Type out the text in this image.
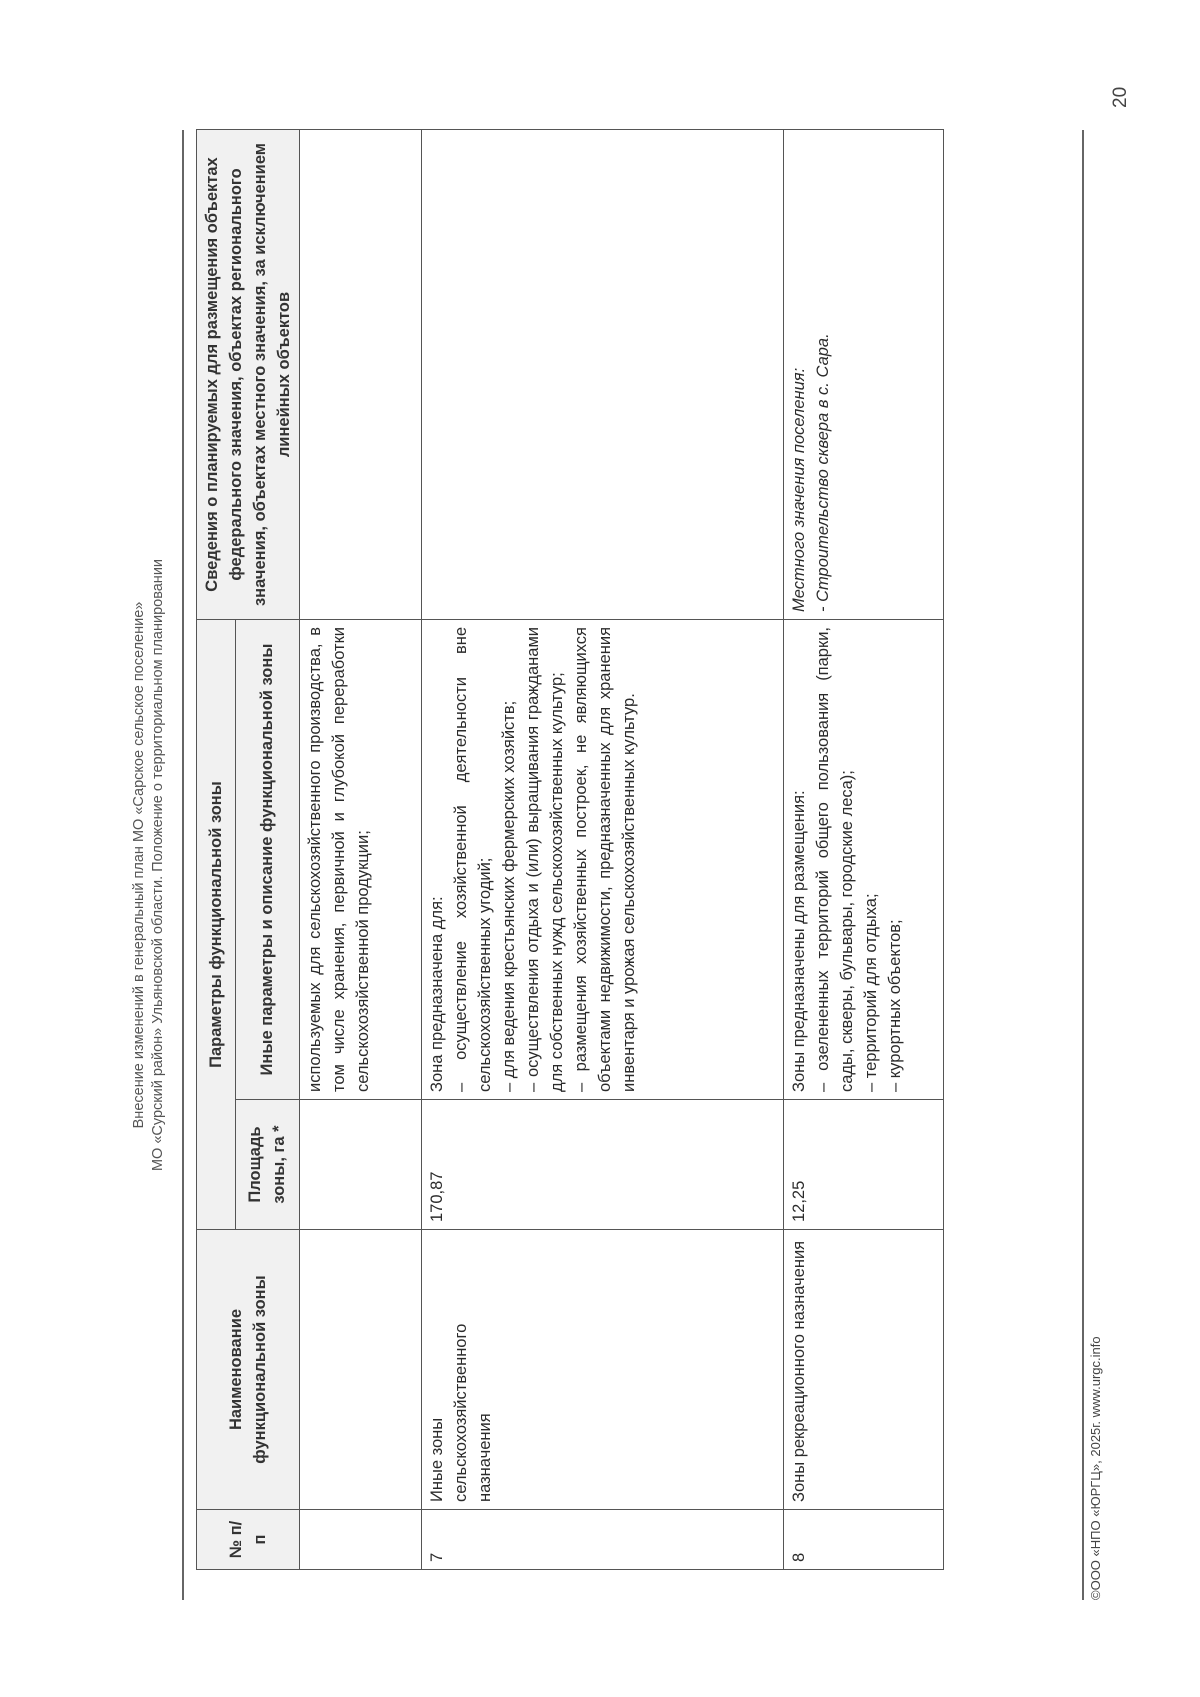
20
Внесение изменений в генеральный план МО «Сарское сельское поселение» МО «Сурский район» Ульяновской области. Положение о территориальном планировании
№ п/п	Наименование функциональной зоны	Параметры функциональной зоны		Сведения о планируемых для размещения объектах федерального значения, объектах регионального значения, объектах местного значения, за исключением линейных объектов
		Площадь зоны, га *	Иные параметры и описание функциональной зоны	

			используемых для сельскохозяйственного производства, в том числе хранения, первичной и глубокой переработки сельскохозяйственной продукции;	

7	Иные зоны сельскохозяйственного назначения	170,87	Зона предназначена для: – осуществление хозяйственной деятельности вне сельскохозяйственных угодий; – для ведения крестьянских фермерских хозяйств; – осуществления отдыха и (или) выращивания гражданами для собственных нужд сельскохозяйственных культур; – размещения хозяйственных построек, не являющихся объектами недвижимости, предназначенных для хранения инвентаря и урожая сельскохозяйственных культур.	

8	Зоны рекреационного назначения	12,25	Зоны предназначены для размещения: – озелененных территорий общего пользования (парки, сады, скверы, бульвары, городские леса); – территорий для отдыха; – курортных объектов;	Местного значения поселения: - Строительство сквера в с. Сара.
©ООО «НПО «ЮРГЦ», 2025г. www.urgc.info
